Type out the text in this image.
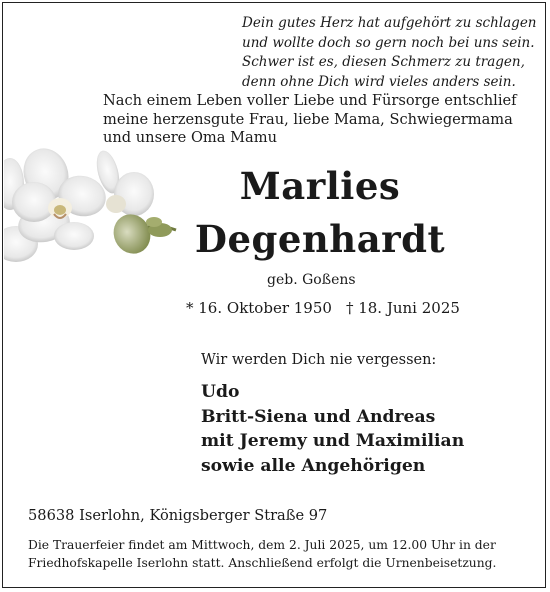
Dein gutes Herz hat aufgehört zu schlagen
und wollte doch so gern noch bei uns sein.
Schwer ist es, diesen Schmerz zu tragen,
denn ohne Dich wird vieles anders sein.
Nach einem Leben voller Liebe und Fürsorge entschlief
meine herzensgute Frau, liebe Mama, Schwiegermama
und unsere Oma Mamu
Marlies
Degenhardt
geb. Goßens
* 16. Oktober 1950 † 18. Juni 2025
Wir werden Dich nie vergessen:
Udo
Britt-Siena und Andreas
mit Jeremy und Maximilian
sowie alle Angehörigen
58638 Iserlohn, Königsberger Straße 97
Die Trauerfeier findet am Mittwoch, dem 2. Juli 2025, um 12.00 Uhr in der
Friedhofskapelle Iserlohn statt. Anschließend erfolgt die Urnenbeisetzung.
